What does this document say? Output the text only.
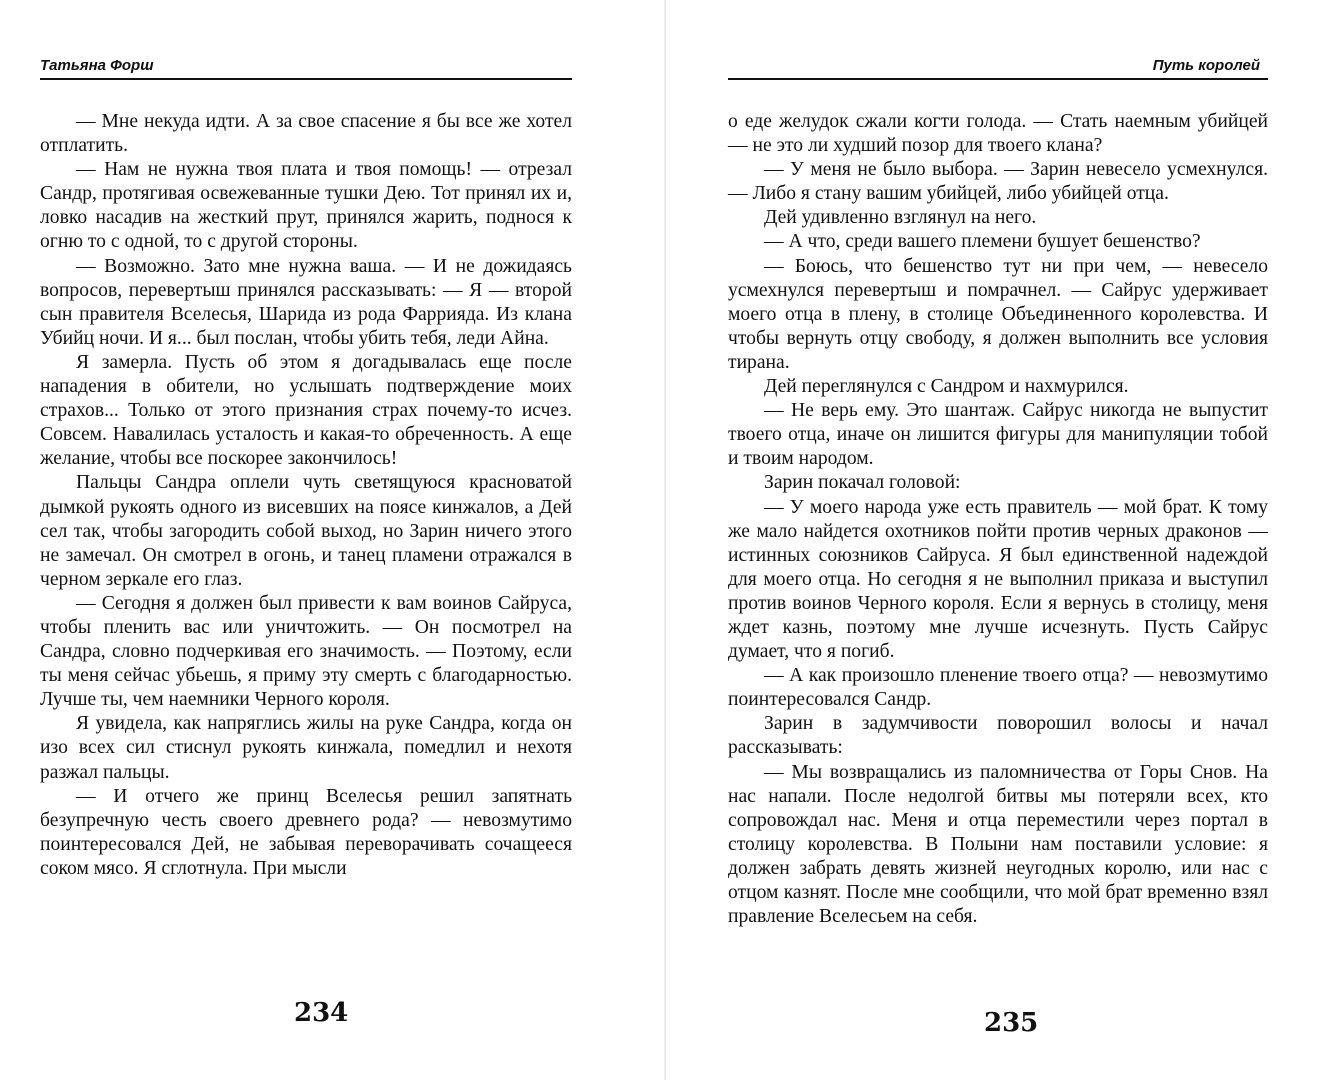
Татьяна Форш

— Мне некуда идти. А за свое спасение я бы все же хотел отплатить.

— Нам не нужна твоя плата и твоя помощь! — отрезал Сандр, протягивая освежеванные тушки Дею. Тот принял их и, ловко насадив на жесткий прут, принялся жарить, поднося к огню то с одной, то с другой стороны.

— Возможно. Зато мне нужна ваша. — И не дожидаясь вопросов, перевертыш принялся рассказывать: — Я — второй сын правителя Вселесья, Шарида из рода Фарриядa. Из клана Убийц ночи. И я... был послан, чтобы убить тебя, леди Айна.

Я замерла. Пусть об этом я догадывалась еще после нападения в обители, но услышать подтверждение моих страхов... Только от этого признания страх почему-то исчез. Совсем. Навалилась усталость и какая-то обреченность. А еще желание, чтобы все поскорее закончилось!

Пальцы Сандра оплели чуть светящуюся красноватой дымкой рукоять одного из висевших на поясе кинжалов, а Дей сел так, чтобы загородить собой выход, но Зарин ничего этого не замечал. Он смотрел в огонь, и танец пламени отражался в черном зеркале его глаз.

— Сегодня я должен был привести к вам воинов Сайруса, чтобы пленить вас или уничтожить. — Он посмотрел на Сандра, словно подчеркивая его значимость. — Поэтому, если ты меня сейчас убьешь, я приму эту смерть с благодарностью. Лучше ты, чем наемники Черного короля.

Я увидела, как напряглись жилы на руке Сандра, когда он изо всех сил стиснул рукоять кинжала, помедлил и нехотя разжал пальцы.

— И отчего же принц Вселесья решил запятнать безупречную честь своего древнего рода? — невозмутимо поинтересовался Дей, не забывая переворачивать сочащееся соком мясо. Я сглотнула. При мысли

234
Путь королей

о еде желудок сжали когти голода. — Стать наемным убийцей — не это ли худший позор для твоего клана?

— У меня не было выбора. — Зарин невесело усмехнулся. — Либо я стану вашим убийцей, либо убийцей отца.

Дей удивленно взглянул на него.

— А что, среди вашего племени бушует бешенство?

— Боюсь, что бешенство тут ни при чем, — невесело усмехнулся перевертыш и помрачнел. — Сайрус удерживает моего отца в плену, в столице Объединенного королевства. И чтобы вернуть отцу свободу, я должен выполнить все условия тирана.

Дей переглянулся с Сандром и нахмурился.

— Не верь ему. Это шантаж. Сайрус никогда не выпустит твоего отца, иначе он лишится фигуры для манипуляции тобой и твоим народом.

Зарин покачал головой:

— У моего народа уже есть правитель — мой брат. К тому же мало найдется охотников пойти против черных драконов — истинных союзников Сайруса. Я был единственной надеждой для моего отца. Но сегодня я не выполнил приказа и выступил против воинов Черного короля. Если я вернусь в столицу, меня ждет казнь, поэтому мне лучше исчезнуть. Пусть Сайрус думает, что я погиб.

— А как произошло пленение твоего отца? — невозмутимо поинтересовался Сандр.

Зарин в задумчивости поворошил волосы и начал рассказывать:

— Мы возвращались из паломничества от Горы Снов. На нас напали. После недолгой битвы мы потеряли всех, кто сопровождал нас. Меня и отца переместили через портал в столицу королевства. В Полыни нам поставили условие: я должен забрать девять жизней неугодных королю, или нас с отцом казнят. После мне сообщили, что мой брат временно взял правление Вселесьем на себя.

235
